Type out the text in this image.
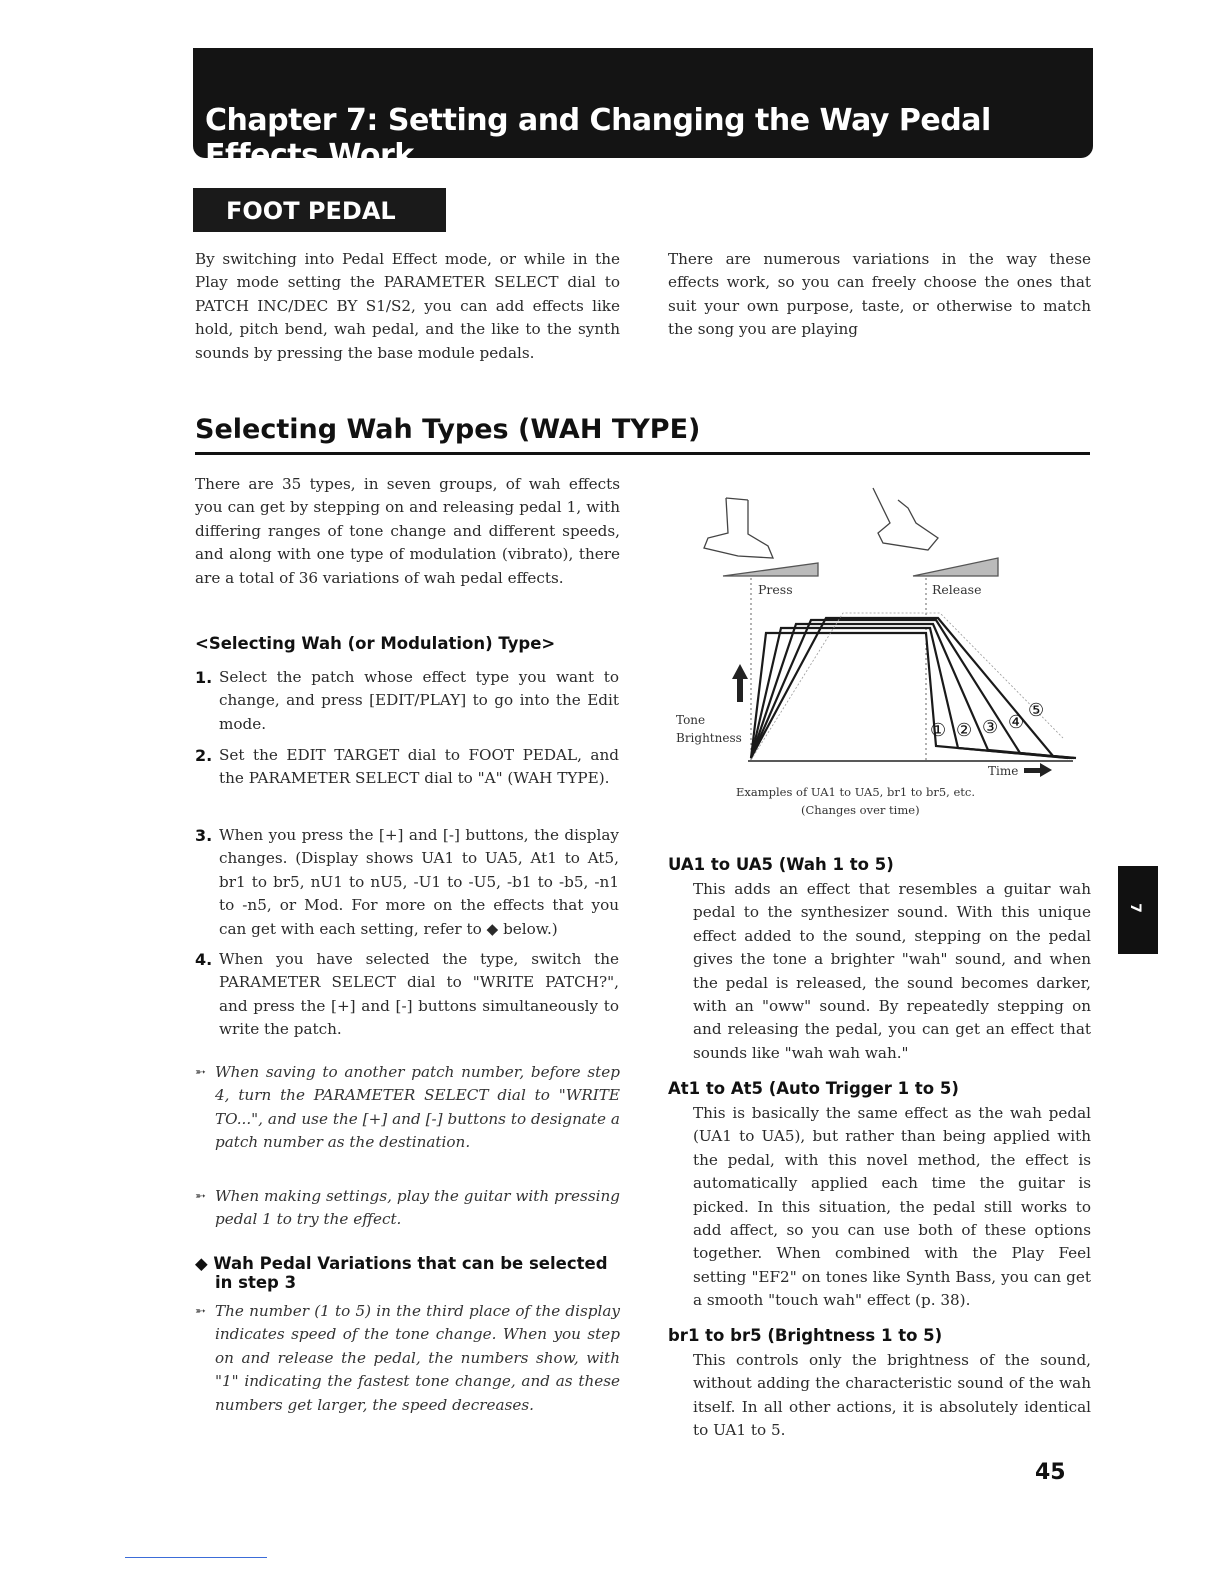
Chapter 7: Setting and Changing the Way Pedal Effects Work
FOOT PEDAL
By switching into Pedal Effect mode, or while in the Play mode setting the PARAMETER SELECT dial to PATCH INC/DEC BY S1/S2, you can add effects like hold, pitch bend, wah pedal, and the like to the synth sounds by pressing the base module pedals.
There are numerous variations in the way these effects work, so you can freely choose the ones that suit your own purpose, taste, or otherwise to match the song you are playing
Selecting Wah Types (WAH TYPE)
There are 35 types, in seven groups, of wah effects you can get by stepping on and releasing pedal 1, with differing ranges of tone change and different speeds, and along with one type of modulation (vibrato), there are a total of 36 variations of wah pedal effects.
<Selecting Wah (or Modulation) Type>
1. Select the patch whose effect type you want to change, and press [EDIT/PLAY] to go into the Edit mode.
2. Set the EDIT TARGET dial to FOOT PEDAL, and the PARAMETER SELECT dial to "A" (WAH TYPE).
3. When you press the [+] and [-] buttons, the display changes. (Display shows UA1 to UA5, At1 to At5, br1 to br5, nU1 to nU5, -U1 to -U5, -b1 to -b5, -n1 to -n5, or Mod. For more on the effects that you can get with each setting, refer to ◆ below.)
4. When you have selected the type, switch the PARAMETER SELECT dial to "WRITE PATCH?", and press the [+] and [-] buttons simultaneously to write the patch.
➵ When saving to another patch number, before step 4, turn the PARAMETER SELECT dial to "WRITE TO...", and use the [+] and [-] buttons to designate a patch number as the destination.
➵ When making settings, play the guitar with pressing pedal 1 to try the effect.
◆ Wah Pedal Variations that can be selected
in step 3
➵ The number (1 to 5) in the third place of the display indicates speed of the tone change. When you step on and release the pedal, the numbers show, with "1" indicating the fastest tone change, and as these numbers get larger, the speed decreases.
Press	Release
Tone
Brightness	① ② ③ ④
⑤
Time
Examples of UA1 to UA5, br1 to br5, etc.
(Changes over time)
UA1 to UA5 (Wah 1 to 5)
This adds an effect that resembles a guitar wah pedal to the synthesizer sound. With this unique effect added to the sound, stepping on the pedal gives the tone a brighter "wah" sound, and when the pedal is released, the sound becomes darker, with an "oww" sound. By repeatedly stepping on and releasing the pedal, you can get an effect that sounds like "wah wah wah."
At1 to At5 (Auto Trigger 1 to 5)
This is basically the same effect as the wah pedal (UA1 to UA5), but rather than being applied with the pedal, with this novel method, the effect is automatically applied each time the guitar is picked. In this situation, the pedal still works to add affect, so you can use both of these options together. When combined with the Play Feel setting "EF2" on tones like Synth Bass, you can get a smooth "touch wah" effect (p. 38).
br1 to br5 (Brightness 1 to 5)
This controls only the brightness of the sound, without adding the characteristic sound of the wah itself. In all other actions, it is absolutely identical to UA1 to 5.
7
45
